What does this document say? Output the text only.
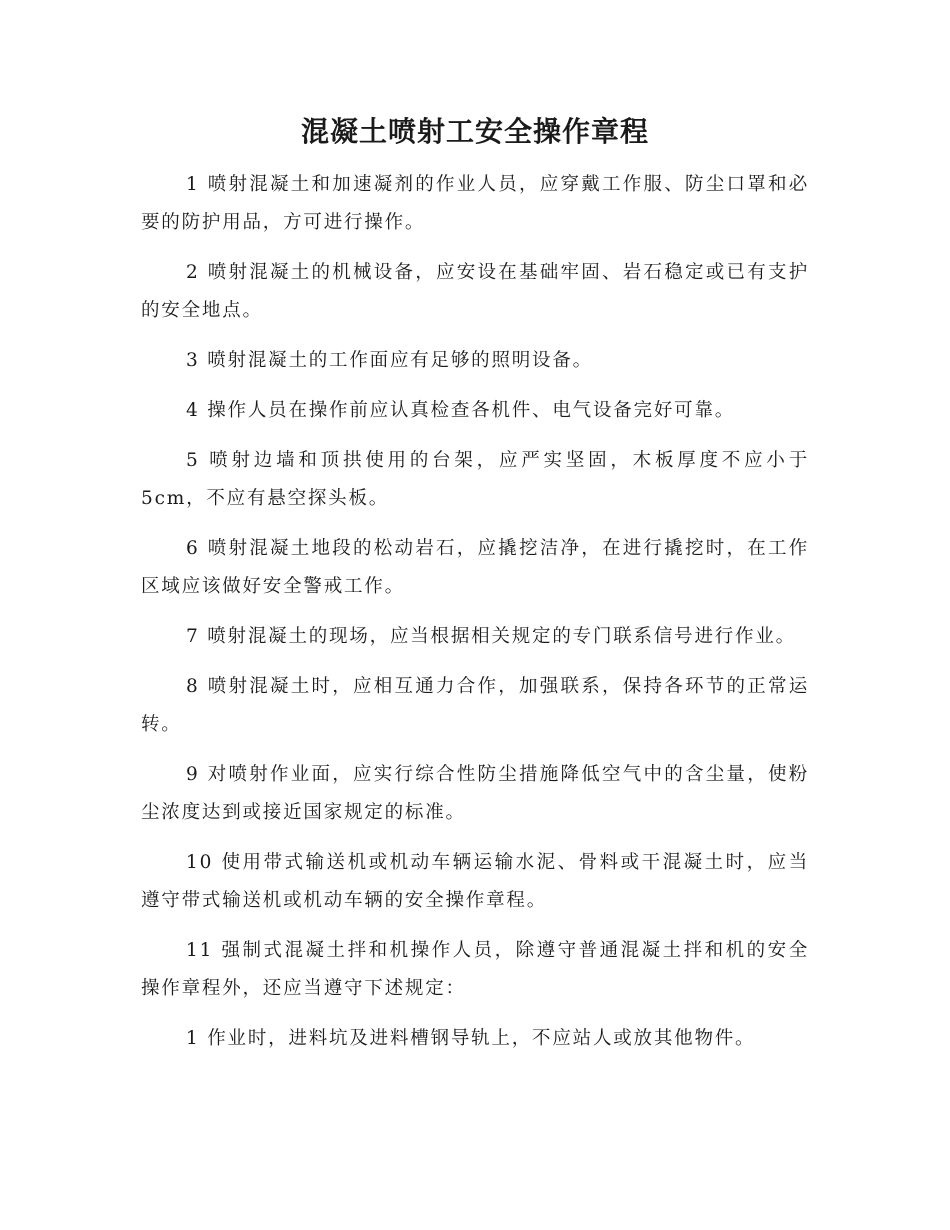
混凝土喷射工安全操作章程

1 喷射混凝土和加速凝剂的作业人员，应穿戴工作服、防尘口罩和必要的防护用品，方可进行操作。

2 喷射混凝土的机械设备，应安设在基础牢固、岩石稳定或已有支护的安全地点。

3 喷射混凝土的工作面应有足够的照明设备。

4 操作人员在操作前应认真检查各机件、电气设备完好可靠。

5 喷射边墙和顶拱使用的台架，应严实坚固，木板厚度不应小于5cm，不应有悬空探头板。

6 喷射混凝土地段的松动岩石，应撬挖洁净，在进行撬挖时，在工作区域应该做好安全警戒工作。

7 喷射混凝土的现场，应当根据相关规定的专门联系信号进行作业。

8 喷射混凝土时，应相互通力合作，加强联系，保持各环节的正常运转。

9 对喷射作业面，应实行综合性防尘措施降低空气中的含尘量，使粉尘浓度达到或接近国家规定的标准。

10 使用带式输送机或机动车辆运输水泥、骨料或干混凝土时，应当遵守带式输送机或机动车辆的安全操作章程。

11 强制式混凝土拌和机操作人员，除遵守普通混凝土拌和机的安全操作章程外，还应当遵守下述规定：

1 作业时，进料坑及进料槽钢导轨上，不应站人或放其他物件。
